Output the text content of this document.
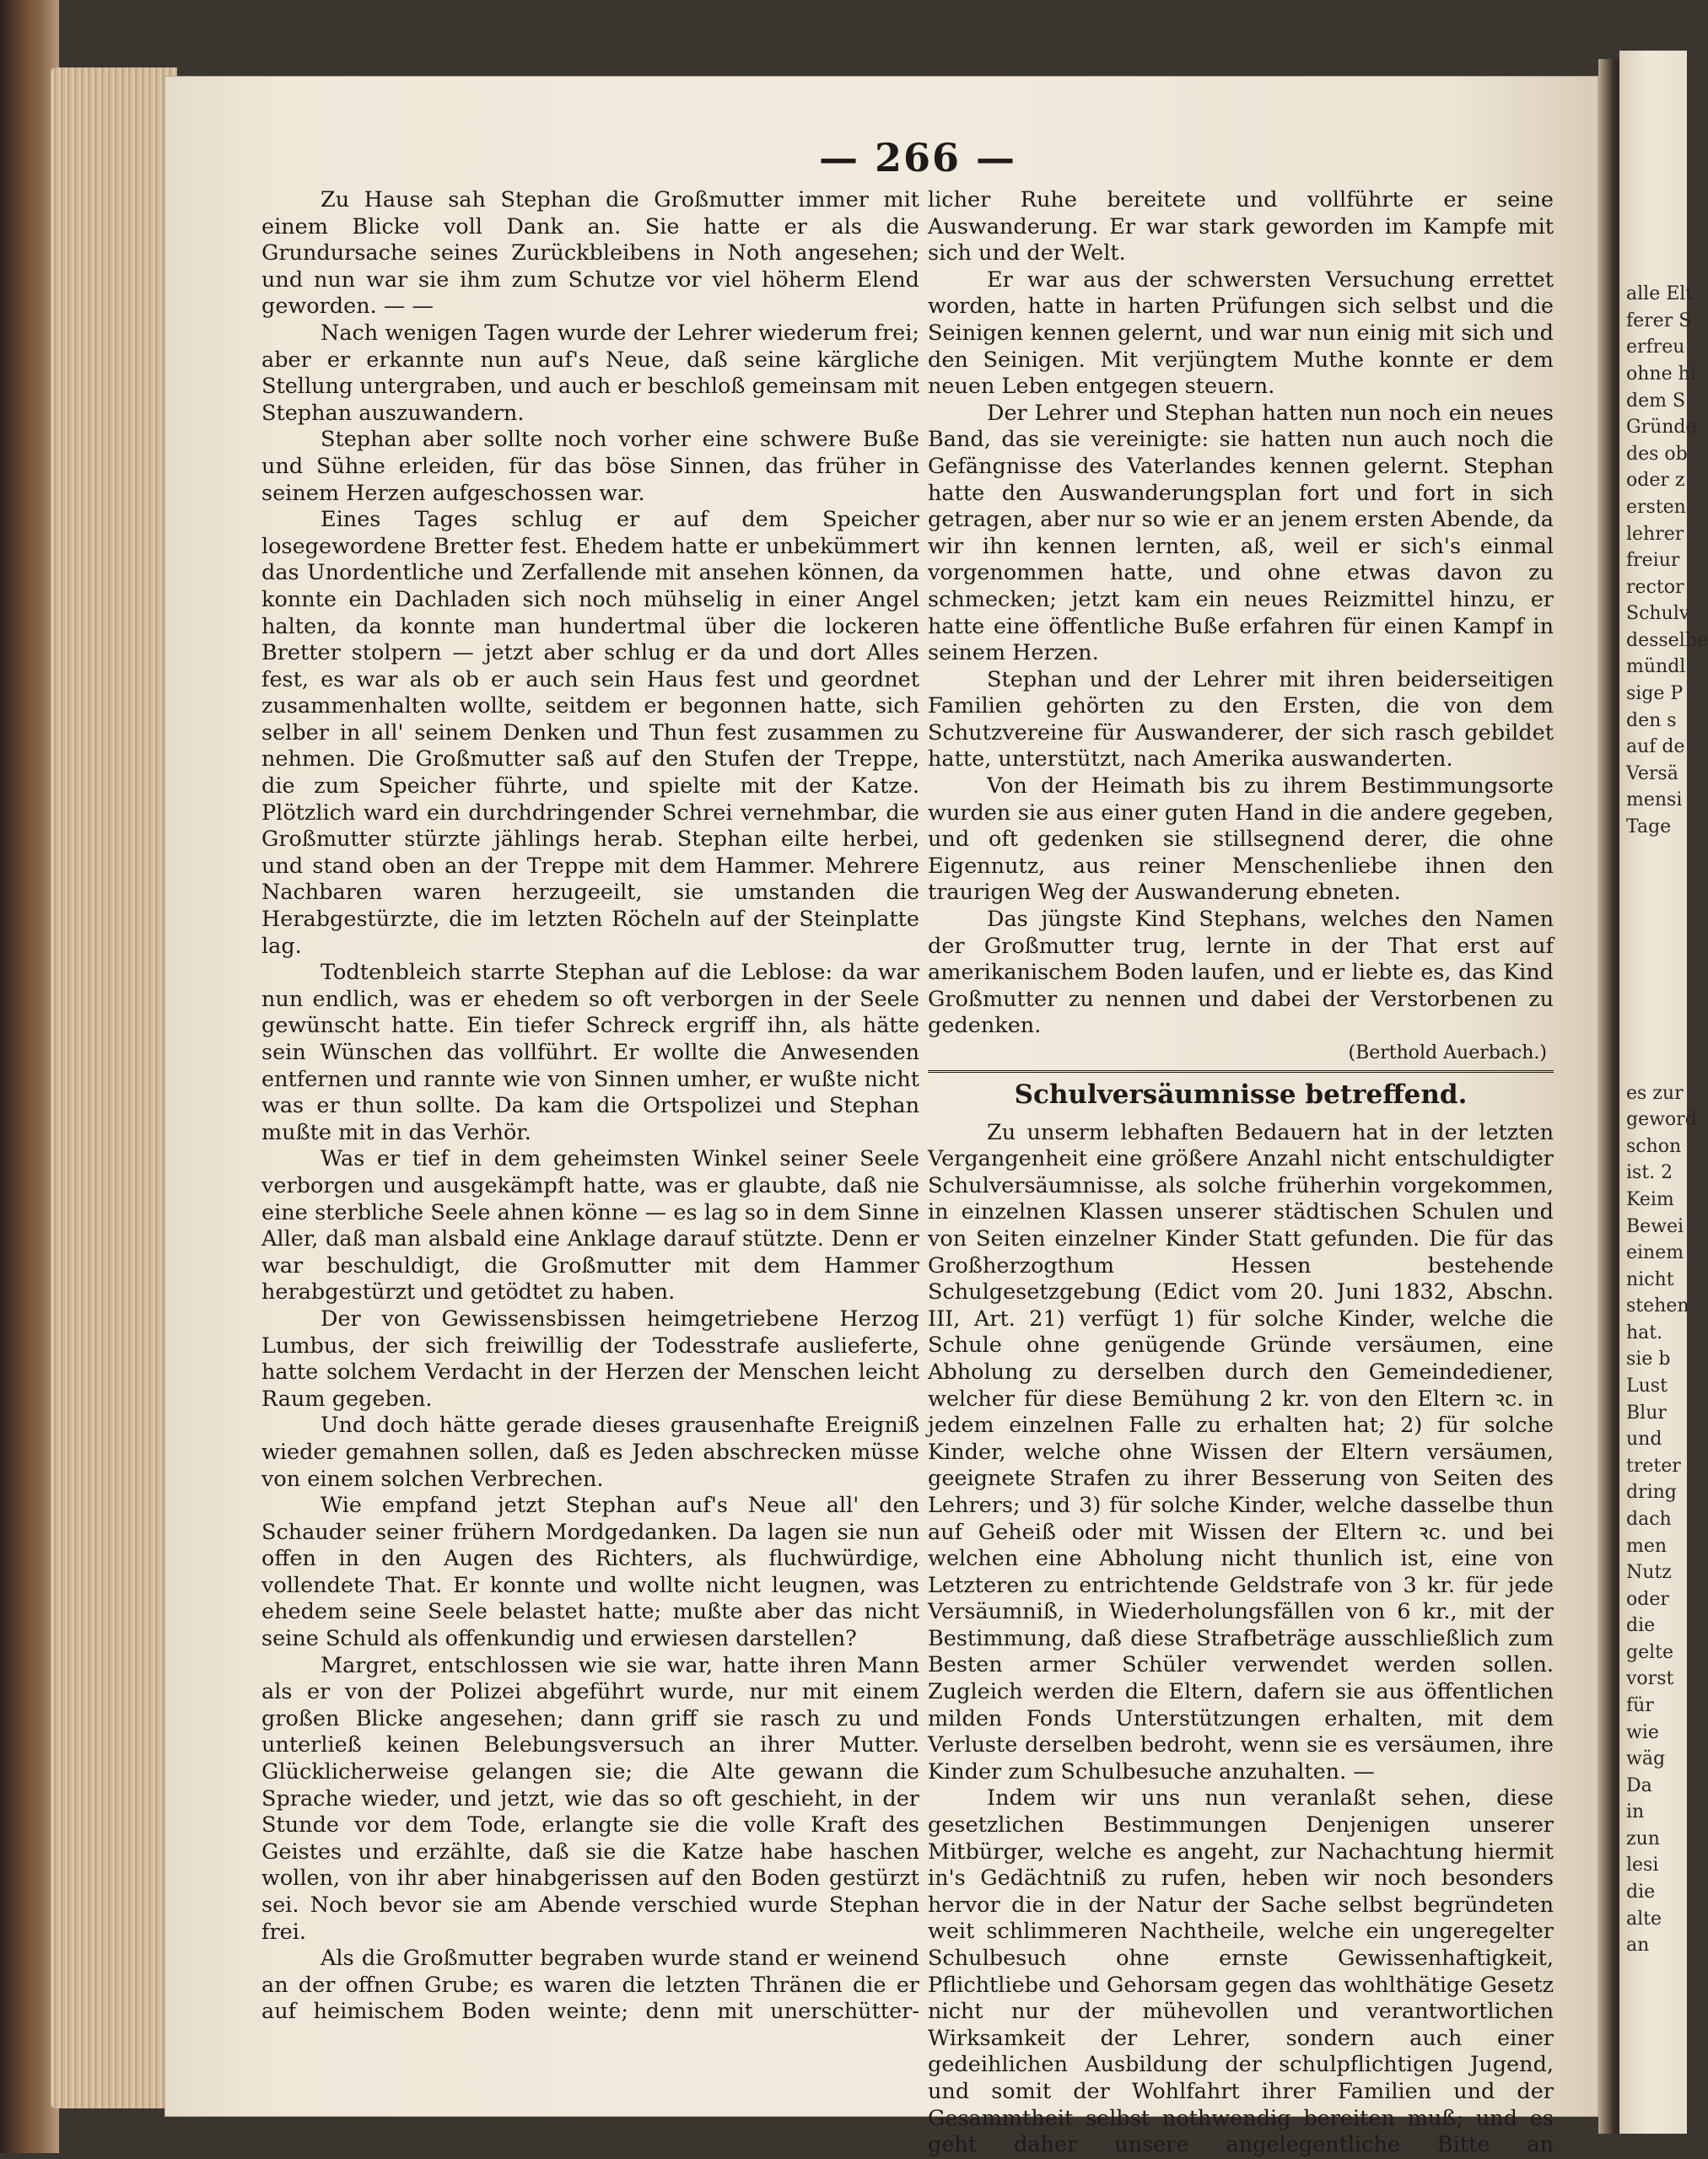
alle Elt
ferer S
erfreu
ohne hi
dem S
Gründe
des ob
oder z
ersten
lehrer
freiur
rector
Schulv
desselbe
mündl
sige P
den s
auf de
Versä
mensi
Tage
es zur
geword
schon
ist. 2
Keim
Bewei
einem
nicht
stehen
hat.
sie b
Lust
Blur
und
treter
dring
dach
men
Nutz
oder
die
gelte
vorst
für
wie
wäg
Da
in
zun
lesi
die
alte
an
— 266 —

Zu Hause sah Stephan die Großmutter immer mit einem Blicke voll Dank an. Sie hatte er als die Grundursache seines Zurückbleibens in Noth angesehen; und nun war sie ihm zum Schutze vor viel höherm Elend geworden. — —

Nach wenigen Tagen wurde der Lehrer wiederum frei; aber er erkannte nun auf's Neue, daß seine kärgliche Stellung untergraben, und auch er beschloß gemeinsam mit Stephan auszuwandern.

Stephan aber sollte noch vorher eine schwere Buße und Sühne erleiden, für das böse Sinnen, das früher in seinem Herzen aufgeschossen war.

Eines Tages schlug er auf dem Speicher losegewordene Bretter fest. Ehedem hatte er unbekümmert das Unordentliche und Zerfallende mit ansehen können, da konnte ein Dachladen sich noch mühselig in einer Angel halten, da konnte man hundertmal über die lockeren Bretter stolpern — jetzt aber schlug er da und dort Alles fest, es war als ob er auch sein Haus fest und geordnet zusammenhalten wollte, seitdem er begonnen hatte, sich selber in all' seinem Denken und Thun fest zusammen zu nehmen. Die Großmutter saß auf den Stufen der Treppe, die zum Speicher führte, und spielte mit der Katze. Plötzlich ward ein durchdringender Schrei vernehmbar, die Großmutter stürzte jählings herab. Stephan eilte herbei, und stand oben an der Treppe mit dem Hammer. Mehrere Nachbaren waren herzugeeilt, sie umstanden die Herabgestürzte, die im letzten Röcheln auf der Steinplatte lag.

Todtenbleich starrte Stephan auf die Leblose: da war nun endlich, was er ehedem so oft verborgen in der Seele gewünscht hatte. Ein tiefer Schreck ergriff ihn, als hätte sein Wünschen das vollführt. Er wollte die Anwesenden entfernen und rannte wie von Sinnen umher, er wußte nicht was er thun sollte. Da kam die Ortspolizei und Stephan mußte mit in das Verhör.

Was er tief in dem geheimsten Winkel seiner Seele verborgen und ausgekämpft hatte, was er glaubte, daß nie eine sterbliche Seele ahnen könne — es lag so in dem Sinne Aller, daß man alsbald eine Anklage darauf stützte. Denn er war beschuldigt, die Großmutter mit dem Hammer herabgestürzt und getödtet zu haben.

Der von Gewissensbissen heimgetriebene Herzog Lumbus, der sich freiwillig der Todesstrafe auslieferte, hatte solchem Verdacht in der Herzen der Menschen leicht Raum gegeben.

Und doch hätte gerade dieses grausenhafte Ereigniß wieder gemahnen sollen, daß es Jeden abschrecken müsse von einem solchen Verbrechen.

Wie empfand jetzt Stephan auf's Neue all' den Schauder seiner frühern Mordgedanken. Da lagen sie nun offen in den Augen des Richters, als fluchwürdige, vollendete That. Er konnte und wollte nicht leugnen, was ehedem seine Seele belastet hatte; mußte aber das nicht seine Schuld als offenkundig und erwiesen darstellen?

Margret, entschlossen wie sie war, hatte ihren Mann als er von der Polizei abgeführt wurde, nur mit einem großen Blicke angesehen; dann griff sie rasch zu und unterließ keinen Belebungsversuch an ihrer Mutter. Glücklicherweise gelangen sie; die Alte gewann die Sprache wieder, und jetzt, wie das so oft geschieht, in der Stunde vor dem Tode, erlangte sie die volle Kraft des Geistes und erzählte, daß sie die Katze habe haschen wollen, von ihr aber hinabgerissen auf den Boden gestürzt sei. Noch bevor sie am Abende verschied wurde Stephan frei.

Als die Großmutter begraben wurde stand er weinend an der offnen Grube; es waren die letzten Thränen die er auf heimischem Boden weinte; denn mit unerschütter-

licher Ruhe bereitete und vollführte er seine Auswanderung. Er war stark geworden im Kampfe mit sich und der Welt.

Er war aus der schwersten Versuchung errettet worden, hatte in harten Prüfungen sich selbst und die Seinigen kennen gelernt, und war nun einig mit sich und den Seinigen. Mit verjüngtem Muthe konnte er dem neuen Leben entgegen steuern.

Der Lehrer und Stephan hatten nun noch ein neues Band, das sie vereinigte: sie hatten nun auch noch die Gefängnisse des Vaterlandes kennen gelernt. Stephan hatte den Auswanderungsplan fort und fort in sich getragen, aber nur so wie er an jenem ersten Abende, da wir ihn kennen lernten, aß, weil er sich's einmal vorgenommen hatte, und ohne etwas davon zu schmecken; jetzt kam ein neues Reizmittel hinzu, er hatte eine öffentliche Buße erfahren für einen Kampf in seinem Herzen.

Stephan und der Lehrer mit ihren beiderseitigen Familien gehörten zu den Ersten, die von dem Schutzvereine für Auswanderer, der sich rasch gebildet hatte, unterstützt, nach Amerika auswanderten.

Von der Heimath bis zu ihrem Bestimmungsorte wurden sie aus einer guten Hand in die andere gegeben, und oft gedenken sie stillsegnend derer, die ohne Eigennutz, aus reiner Menschenliebe ihnen den traurigen Weg der Auswanderung ebneten.

Das jüngste Kind Stephans, welches den Namen der Großmutter trug, lernte in der That erst auf amerikanischem Boden laufen, und er liebte es, das Kind Großmutter zu nennen und dabei der Verstorbenen zu gedenken.

(Berthold Auerbach.)

Schulversäumnisse betreffend.

Zu unserm lebhaften Bedauern hat in der letzten Vergangenheit eine größere Anzahl nicht entschuldigter Schulversäumnisse, als solche früherhin vorgekommen, in einzelnen Klassen unserer städtischen Schulen und von Seiten einzelner Kinder Statt gefunden. Die für das Großherzogthum Hessen bestehende Schulgesetzgebung (Edict vom 20. Juni 1832, Abschn. III, Art. 21) verfügt 1) für solche Kinder, welche die Schule ohne genügende Gründe versäumen, eine Abholung zu derselben durch den Gemeindediener, welcher für diese Bemühung 2 kr. von den Eltern ꝛc. in jedem einzelnen Falle zu erhalten hat; 2) für solche Kinder, welche ohne Wissen der Eltern versäumen, geeignete Strafen zu ihrer Besserung von Seiten des Lehrers; und 3) für solche Kinder, welche dasselbe thun auf Geheiß oder mit Wissen der Eltern ꝛc. und bei welchen eine Abholung nicht thunlich ist, eine von Letzteren zu entrichtende Geldstrafe von 3 kr. für jede Versäumniß, in Wiederholungsfällen von 6 kr., mit der Bestimmung, daß diese Strafbeträge ausschließlich zum Besten armer Schüler verwendet werden sollen. Zugleich werden die Eltern, dafern sie aus öffentlichen milden Fonds Unterstützungen erhalten, mit dem Verluste derselben bedroht, wenn sie es versäumen, ihre Kinder zum Schulbesuche anzuhalten. —

Indem wir uns nun veranlaßt sehen, diese gesetzlichen Bestimmungen Denjenigen unserer Mitbürger, welche es angeht, zur Nachachtung hiermit in's Gedächtniß zu rufen, heben wir noch besonders hervor die in der Natur der Sache selbst begründeten weit schlimmeren Nachtheile, welche ein ungeregelter Schulbesuch ohne ernste Gewissenhaftigkeit, Pflichtliebe und Gehorsam gegen das wohlthätige Gesetz nicht nur der mühevollen und verantwortlichen Wirksamkeit der Lehrer, sondern auch einer gedeihlichen Ausbildung der schulpflichtigen Jugend, und somit der Wohlfahrt ihrer Familien und der Gesammtheit selbst nothwendig bereiten muß; und es geht daher unsere angelegentliche Bitte an
